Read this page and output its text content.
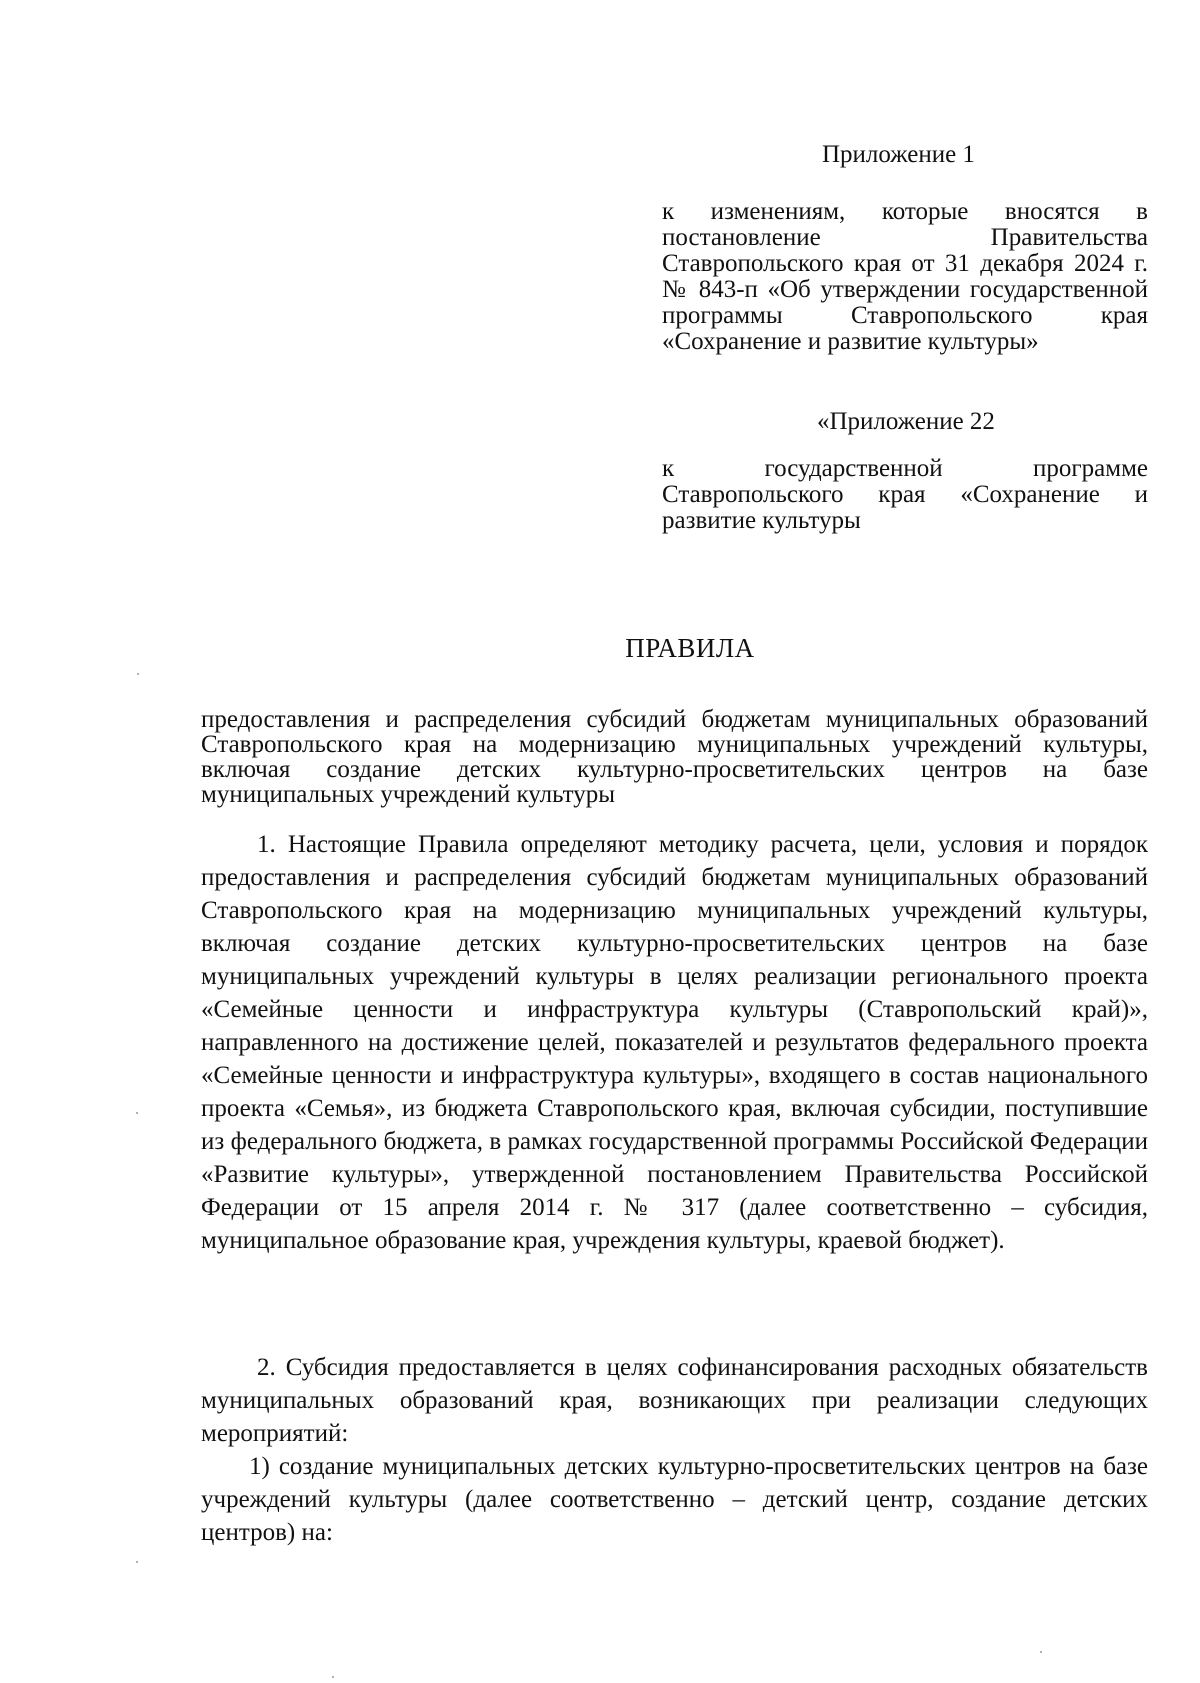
Приложение 1
к изменениям, которые вносятся в постановление Правительства Ставропольского края от 31 декабря 2024 г. № 843-п «Об утверждении государственной программы Ставропольского края «Сохранение и развитие культуры»
«Приложение 22
к государственной программе Ставропольского края «Сохранение и развитие культуры
ПРАВИЛА
предоставления и распределения субсидий бюджетам муниципальных образований Ставропольского края на модернизацию муниципальных учреждений культуры, включая создание детских культурно-просветительских центров на базе муниципальных учреждений культуры
1. Настоящие Правила определяют методику расчета, цели, условия и порядок предоставления и распределения субсидий бюджетам муниципальных образований Ставропольского края на модернизацию муниципальных учреждений культуры, включая создание детских культурно-просветительских центров на базе муниципальных учреждений культуры в целях реализации регионального проекта «Семейные ценности и инфраструктура культуры (Ставропольский край)», направленного на достижение целей, показателей и результатов федерального проекта «Семейные ценности и инфраструктура культуры», входящего в состав национального проекта «Семья», из бюджета Ставропольского края, включая субсидии, поступившие из федерального бюджета, в рамках государственной программы Российской Федерации «Развитие культуры», утвержденной постановлением Правительства Российской Федерации от 15 апреля 2014 г. № 317 (далее соответственно – субсидия, муниципальное образование края, учреждения культуры, краевой бюджет).
2. Субсидия предоставляется в целях софинансирования расходных обязательств муниципальных образований края, возникающих при реализации следующих мероприятий:
1) создание муниципальных детских культурно-просветительских центров на базе учреждений культуры (далее соответственно – детский центр, создание детских центров) на:
